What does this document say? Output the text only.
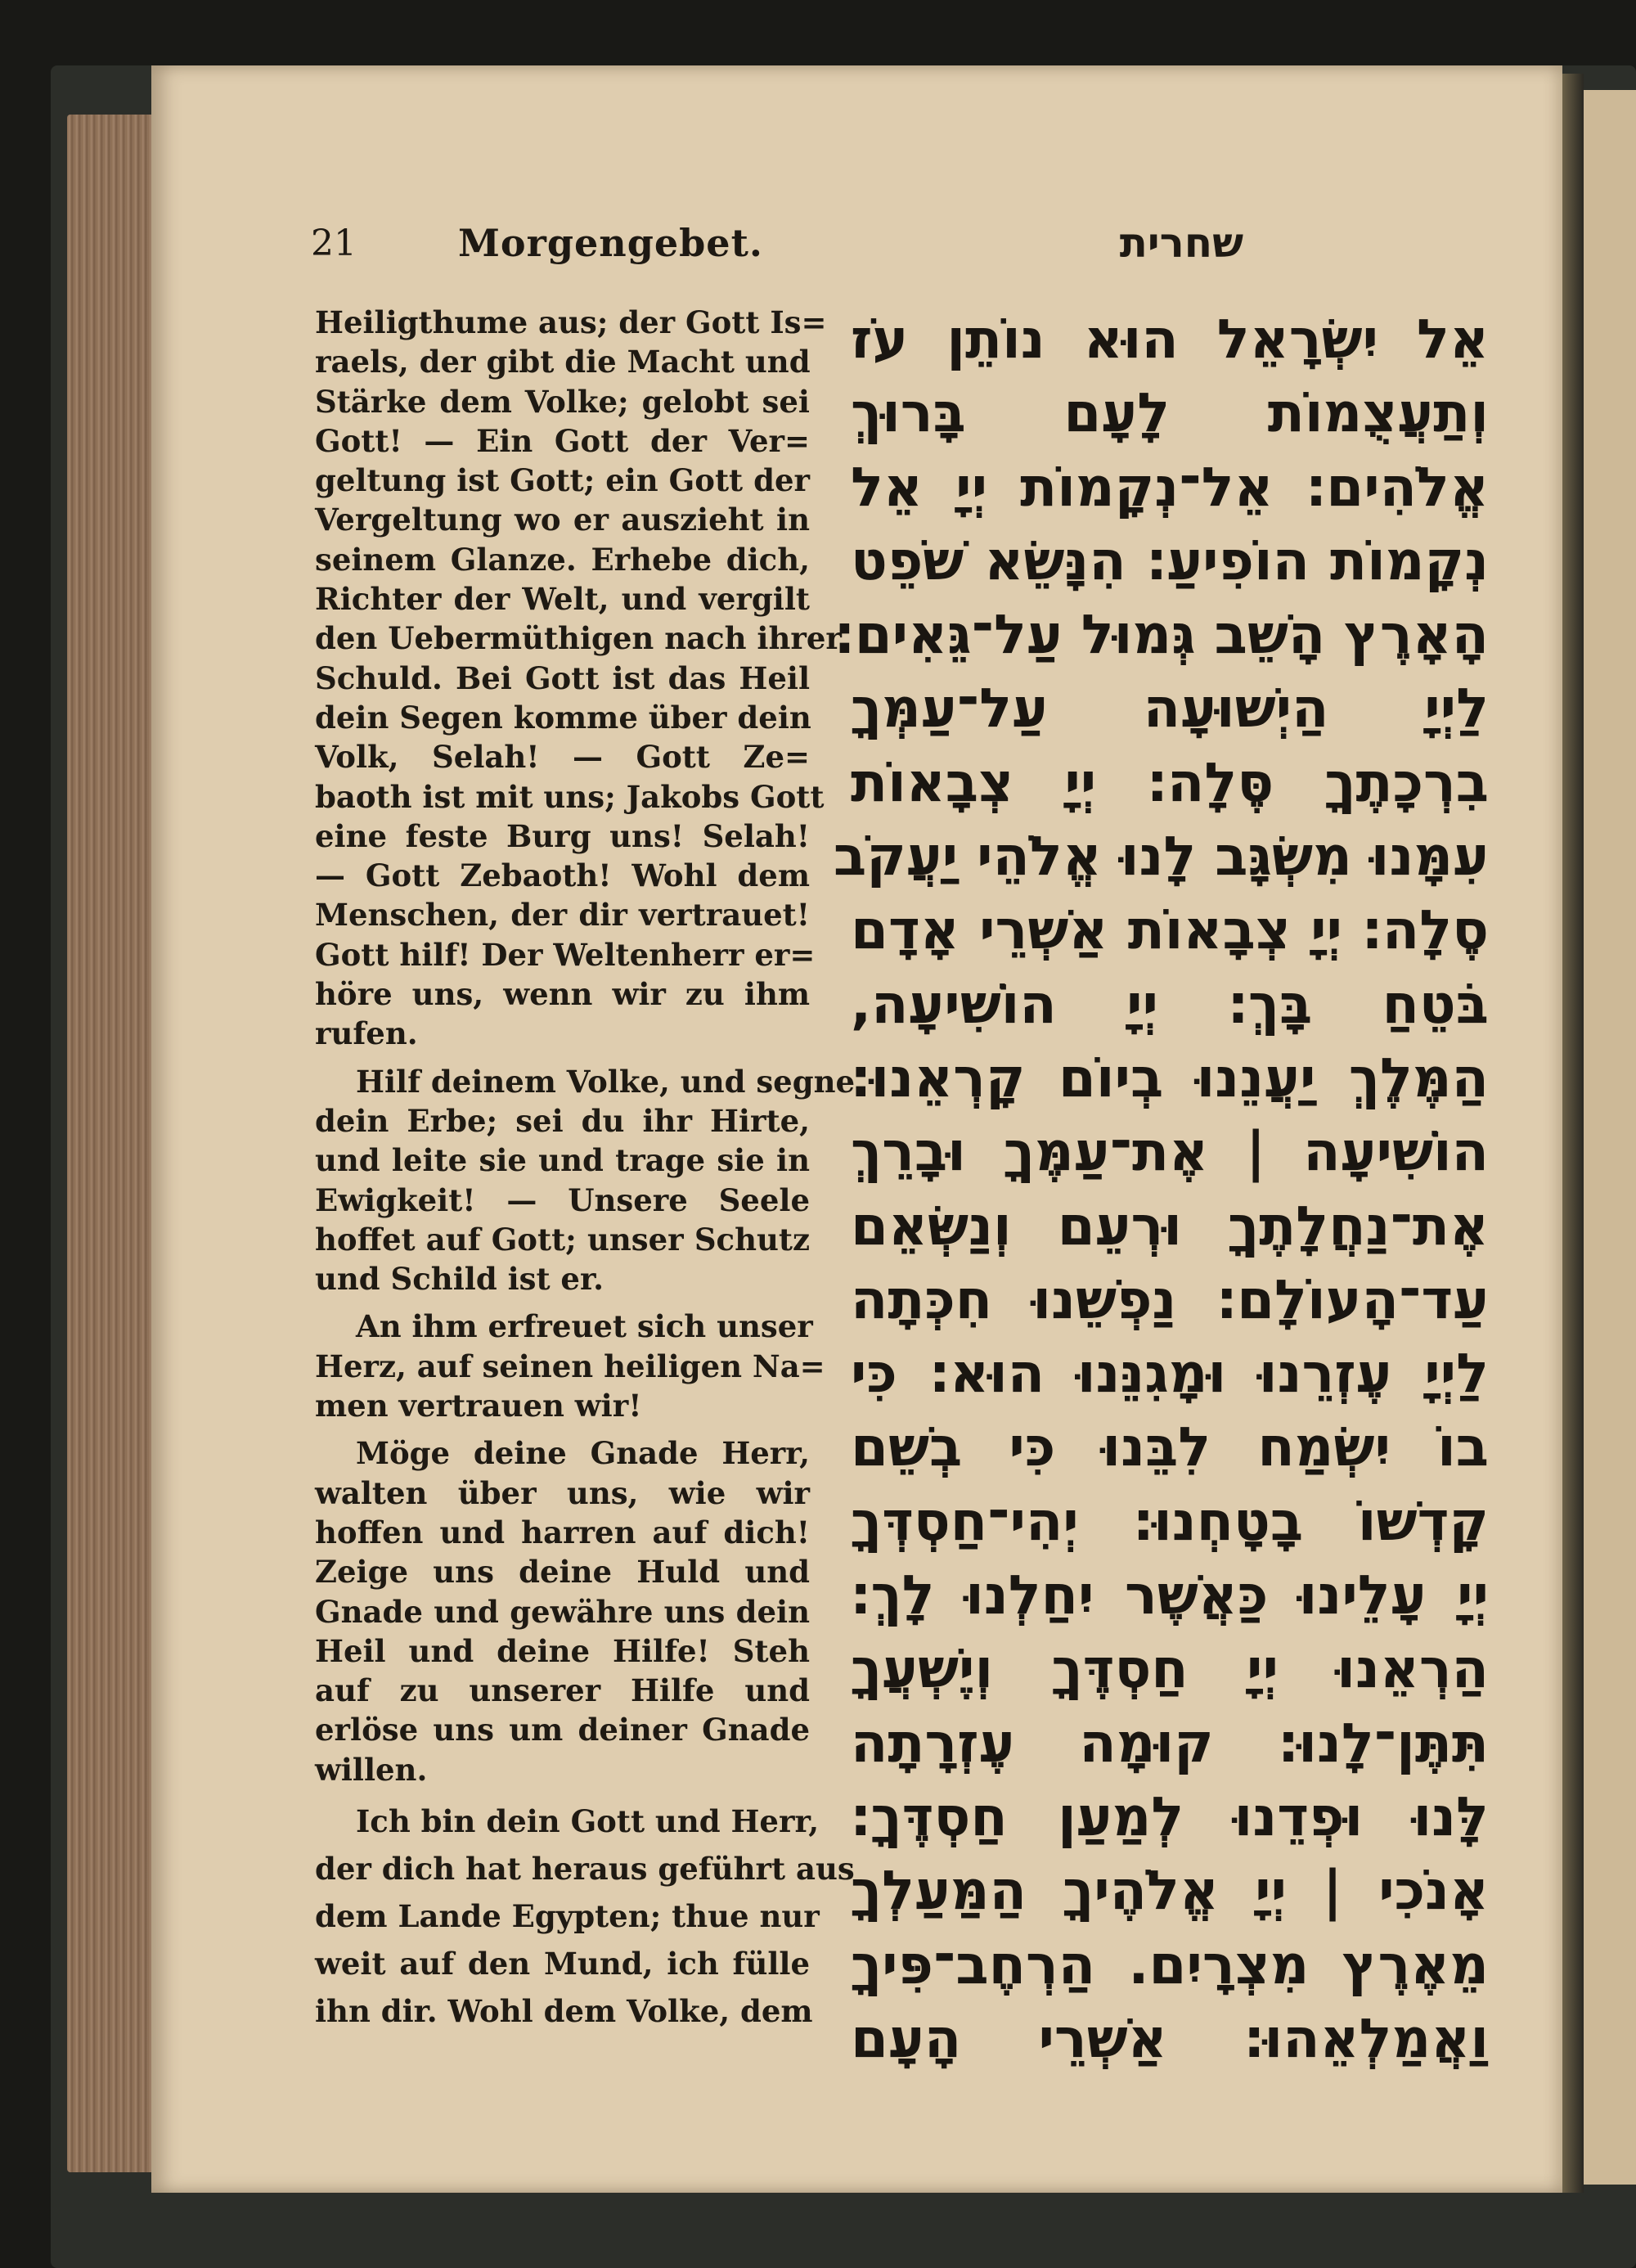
21	Morgengebet.	שחרית

Heiligthume aus; der Gott Is=
raels, der gibt die Macht und
Stärke dem Volke; gelobt sei
Gott! — Ein Gott der Ver=
geltung ist Gott; ein Gott der
Vergeltung wo er auszieht in
seinem Glanze. Erhebe dich,
Richter der Welt, und vergilt
den Uebermüthigen nach ihrer
Schuld. Bei Gott ist das Heil
dein Segen komme über dein
Volk, Selah! — Gott Ze=
baoth ist mit uns; Jakobs Gott
eine feste Burg uns! Selah!
— Gott Zebaoth! Wohl dem
Menschen, der dir vertrauet!
Gott hilf! Der Weltenherr er=
höre uns, wenn wir zu ihm
rufen.

Hilf deinem Volke, und segne
dein Erbe; sei du ihr Hirte,
und leite sie und trage sie in
Ewigkeit! — Unsere Seele
hoffet auf Gott; unser Schutz
und Schild ist er.

An ihm erfreuet sich unser
Herz, auf seinen heiligen Na=
men vertrauen wir!

Möge deine Gnade Herr,
walten über uns, wie wir
hoffen und harren auf dich!
Zeige uns deine Huld und
Gnade und gewähre uns dein
Heil und deine Hilfe! Steh
auf zu unserer Hilfe und
erlöse uns um deiner Gnade
willen.

Ich bin dein Gott und Herr,
der dich hat heraus geführt aus
dem Lande Egypten; thue nur
weit auf den Mund, ich fülle
ihn dir. Wohl dem Volke, dem

אֵל יִשְׂרָאֵל הוּא נוֹתֵן עֹז
וְתַעֲצֻמוֹת לָעָם בָּרוּךְ
אֱלֹהִים׃ אֵל־נְקָמוֹת יְיָ אֵל
נְקָמוֹת הוֹפִיעַ׃ הִנָּשֵׂא שֹׁפֵט
הָאָרֶץ הָשֵׁב גְּמוּל עַל־גֵּאִים׃
לַיְיָ הַיְשׁוּעָה עַל־עַמְּךָ
בִרְכָתֶךָ סֶּלָה׃ יְיָ צְבָאוֹת
עִמָּנוּ מִשְׂגָּב לָנוּ אֱלֹהֵי יַעֲקֹב
סֶלָה׃ יְיָ צְבָאוֹת אַשְׁרֵי אָדָם
בֹּטֵחַ בָּךְ׃ יְיָ הוֹשִׁיעָה,
הַמֶּלֶךְ יַעֲנֵנוּ בְיוֹם קָרְאֵנוּ׃
הוֹשִׁיעָה | אֶת־עַמֶּךָ וּבָרֵךְ
אֶת־נַחֲלָתֶךָ וּרְעֵם וְנַשְּׂאֵם
עַד־הָעוֹלָם׃ נַפְשֵׁנוּ חִכְּתָה
לַיְיָ עֶזְרֵנוּ וּמָגִנֵּנוּ הוּא׃ כִּי
בוֹ יִשְׂמַח לִבֵּנוּ כִּי בְשֵׁם
קָדְשׁוֹ בָטָחְנוּ׃ יְהִי־חַסְדְּךָ
יְיָ עָלֵינוּ כַּאֲשֶׁר יִחַלְנוּ לָךְ׃
הַרְאֵנוּ יְיָ חַסְדֶּךָ וְיֶשְׁעֲךָ
תִּתֶּן־לָנוּ׃ קוּמָה עֶזְרָתָה
לָּנוּ וּפְדֵנוּ לְמַעַן חַסְדֶּךָ׃
אָנֹכִי | יְיָ אֱלֹהֶיךָ הַמַּעַלְךָ
מֵאֶרֶץ מִצְרָיִם. הַרְחֶב־פִּיךָ
וַאֲמַלְאֵהוּ׃ אַשְׁרֵי הָעָם
